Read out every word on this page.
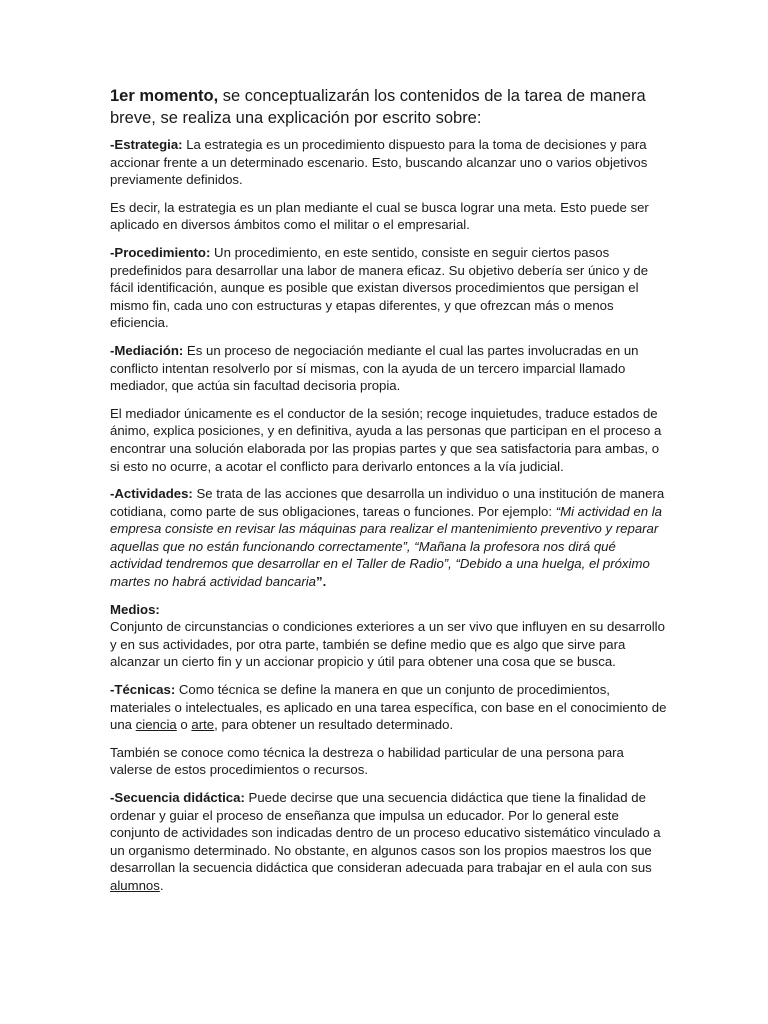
1er momento, se conceptualizarán los contenidos de la tarea de manera breve, se realiza una explicación por escrito sobre:

-Estrategia: La estrategia es un procedimiento dispuesto para la toma de decisiones y para accionar frente a un determinado escenario. Esto, buscando alcanzar uno o varios objetivos previamente definidos.

Es decir, la estrategia es un plan mediante el cual se busca lograr una meta. Esto puede ser aplicado en diversos ámbitos como el militar o el empresarial.

-Procedimiento: Un procedimiento, en este sentido, consiste en seguir ciertos pasos predefinidos para desarrollar una labor de manera eficaz. Su objetivo debería ser único y de fácil identificación, aunque es posible que existan diversos procedimientos que persigan el mismo fin, cada uno con estructuras y etapas diferentes, y que ofrezcan más o menos eficiencia.

-Mediación: Es un proceso de negociación mediante el cual las partes involucradas en un conflicto intentan resolverlo por sí mismas, con la ayuda de un tercero imparcial llamado mediador, que actúa sin facultad decisoria propia.

El mediador únicamente es el conductor de la sesión; recoge inquietudes, traduce estados de ánimo, explica posiciones, y en definitiva, ayuda a las personas que participan en el proceso a encontrar una solución elaborada por las propias partes y que sea satisfactoria para ambas, o si esto no ocurre, a acotar el conflicto para derivarlo entonces a la vía judicial.

-Actividades: Se trata de las acciones que desarrolla un individuo o una institución de manera cotidiana, como parte de sus obligaciones, tareas o funciones. Por ejemplo: “Mi actividad en la empresa consiste en revisar las máquinas para realizar el mantenimiento preventivo y reparar aquellas que no están funcionando correctamente”, “Mañana la profesora nos dirá qué actividad tendremos que desarrollar en el Taller de Radio”, “Debido a una huelga, el próximo martes no habrá actividad bancaria”.

Medios:
Conjunto de circunstancias o condiciones exteriores a un ser vivo que influyen en su desarrollo y en sus actividades, por otra parte, también se define medio que es algo que sirve para alcanzar un cierto fin y un accionar propicio y útil para obtener una cosa que se busca.

-Técnicas: Como técnica se define la manera en que un conjunto de procedimientos, materiales o intelectuales, es aplicado en una tarea específica, con base en el conocimiento de una ciencia o arte, para obtener un resultado determinado.

También se conoce como técnica la destreza o habilidad particular de una persona para valerse de estos procedimientos o recursos.

-Secuencia didáctica: Puede decirse que una secuencia didáctica que tiene la finalidad de ordenar y guiar el proceso de enseñanza que impulsa un educador. Por lo general este conjunto de actividades son indicadas dentro de un proceso educativo sistemático vinculado a un organismo determinado. No obstante, en algunos casos son los propios maestros los que desarrollan la secuencia didáctica que consideran adecuada para trabajar en el aula con sus alumnos.
